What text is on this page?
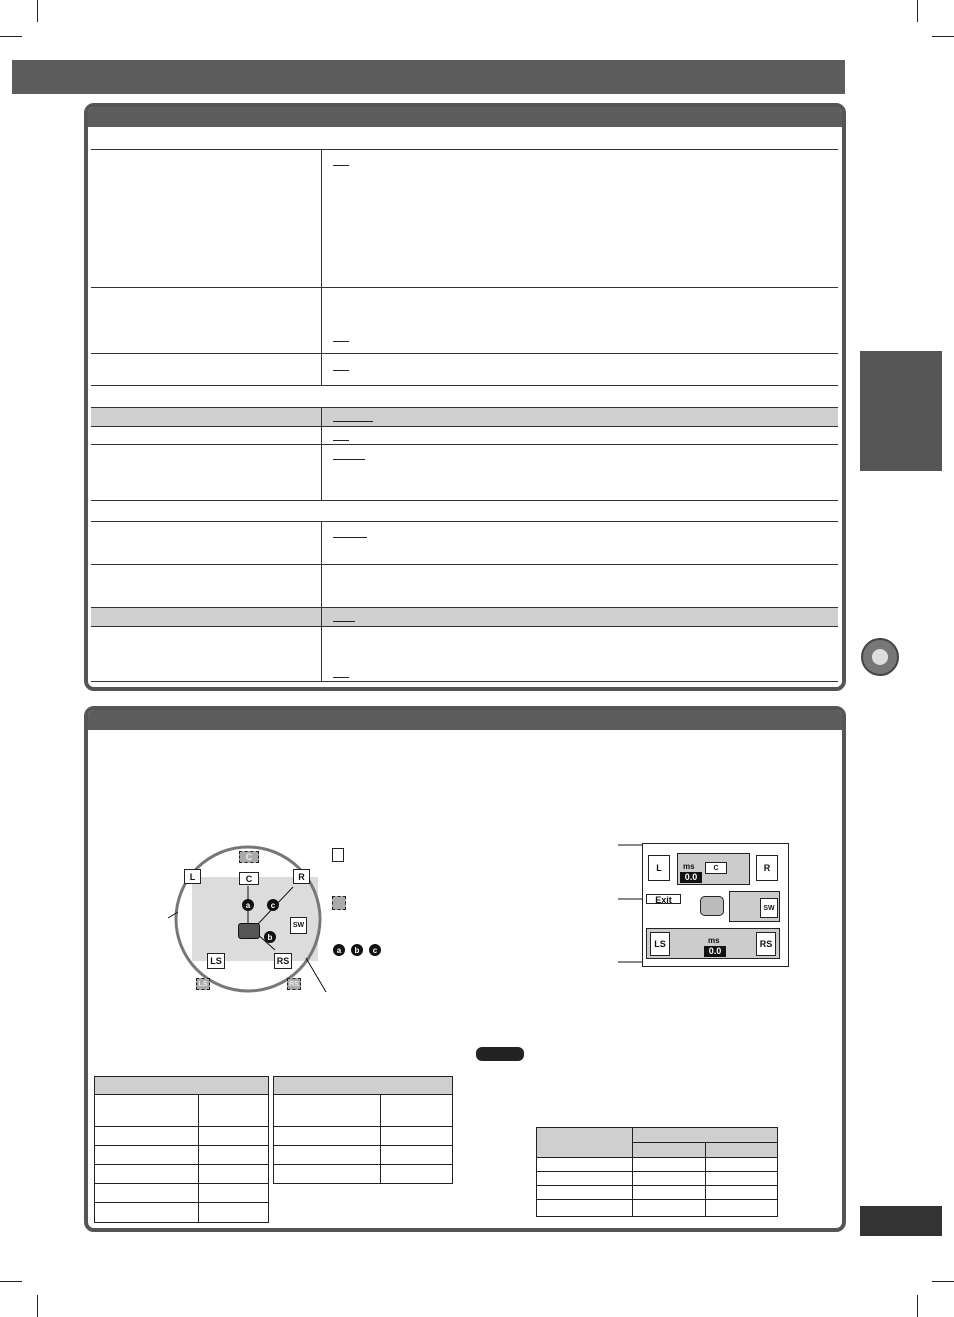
C
C
L	R
SW
LS	RS
LS	RS
a
b
c
a	b	c
L	R
C
ms
0.0
Exit
SW
LS	RS
ms
0.0
